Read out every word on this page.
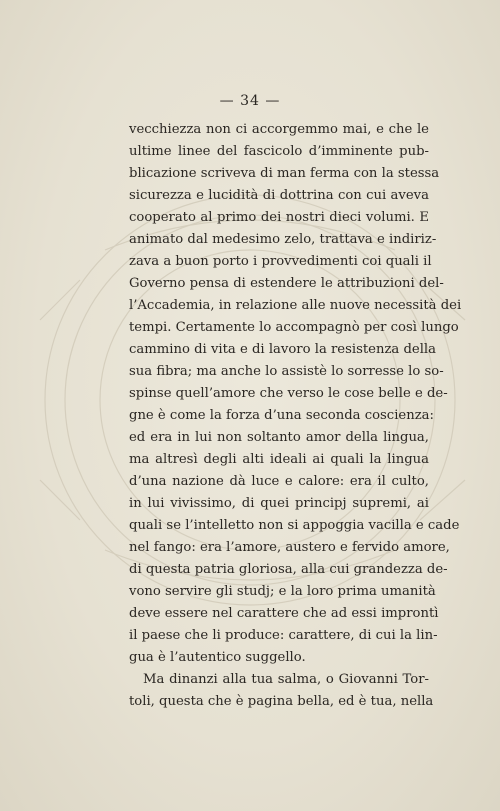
— 34 —
vecchiezza non ci accorgemmo mai, e che le
ultime linee del fascicolo d’imminente pub-
blicazione scriveva di man ferma con la stessa
sicurezza e lucidità di dottrina con cui aveva
cooperato al primo dei nostri dieci volumi. E
animato dal medesimo zelo, trattava e indiriz-
zava a buon porto i provvedimenti coi quali il
Governo pensa di estendere le attribuzioni del-
l’Accademia, in relazione alle nuove necessità dei
tempi. Certamente lo accompagnò per così lungo
cammino di vita e di lavoro la resistenza della
sua fibra; ma anche lo assistè lo sorresse lo so-
spinse quell’amore che verso le cose belle e de-
gne è come la forza d’una seconda coscienza:
ed era in lui non soltanto amor della lingua,
ma altresì degli alti ideali ai quali la lingua
d’una nazione dà luce e calore: era il culto,
in lui vivissimo, di quei principj supremi, ai
quali se l’intelletto non si appoggia vacilla e cade
nel fango: era l’amore, austero e fervido amore,
di questa patria gloriosa, alla cui grandezza de-
vono servire gli studj; e la loro prima umanità
deve essere nel carattere che ad essi improntì
il paese che li produce: carattere, di cui la lin-
gua è l’autentico suggello.
Ma dinanzi alla tua salma, o Giovanni Tor-
toli, questa che è pagina bella, ed è tua, nella
